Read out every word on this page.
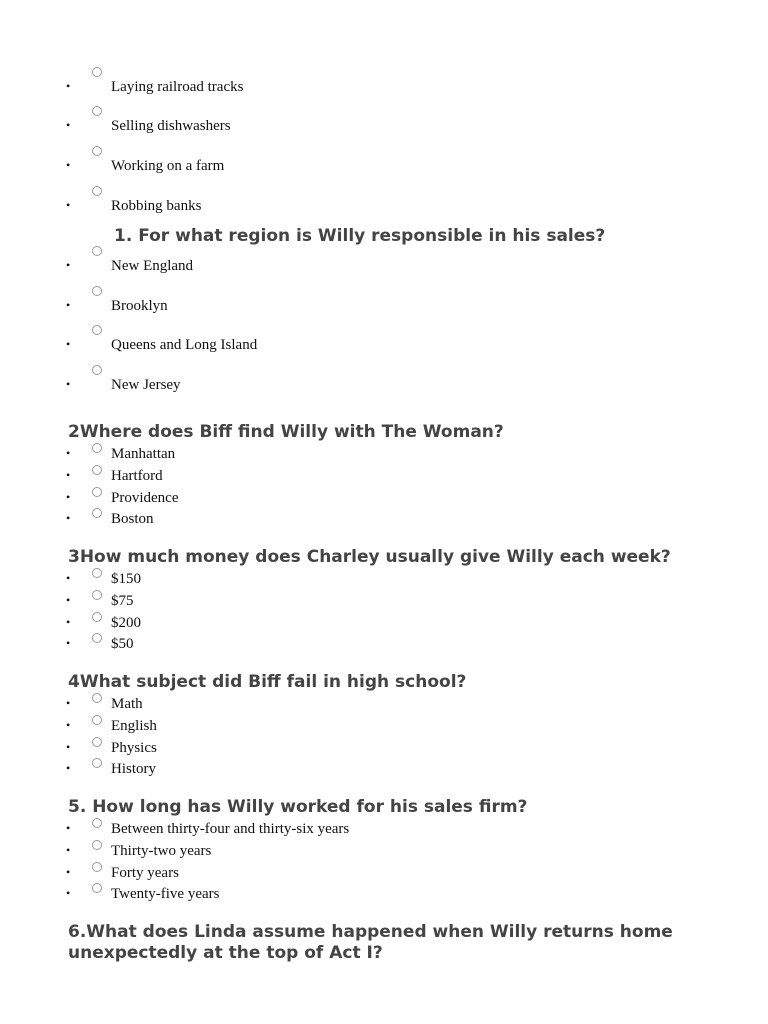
•	Laying railroad tracks
•	Selling dishwashers
•	Working on a farm
•	Robbing banks
1. For what region is Willy responsible in his sales?
•	New England
•	Brooklyn
•	Queens and Long Island
•	New Jersey
2Where does Biff find Willy with The Woman?
•	Manhattan
•	Hartford
•	Providence
•	Boston
3How much money does Charley usually give Willy each week?
•	$150
•	$75
•	$200
•	$50
4What subject did Biff fail in high school?
•	Math
•	English
•	Physics
•	History
5. How long has Willy worked for his sales firm?
•	Between thirty-four and thirty-six years
•	Thirty-two years
•	Forty years
•	Twenty-five years
6.What does Linda assume happened when Willy returns home unexpectedly at the top of Act I?
